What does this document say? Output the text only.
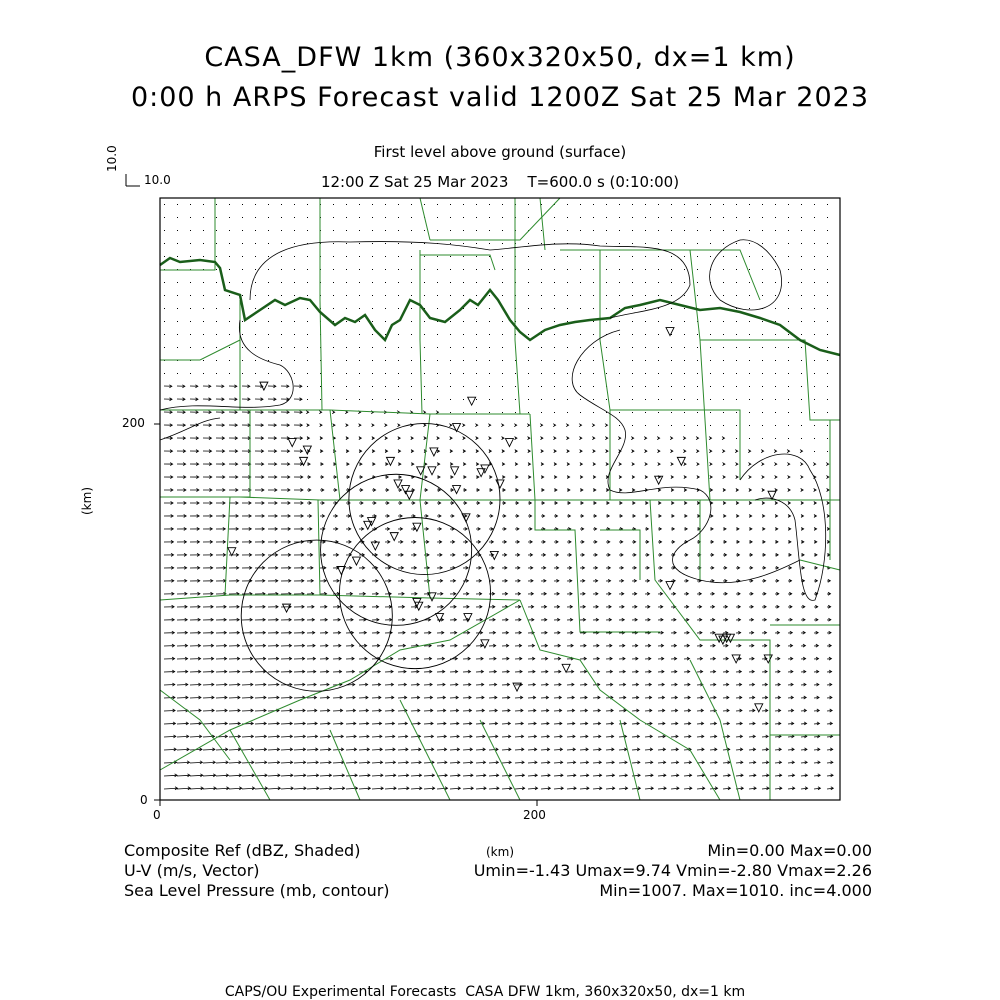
CASA_DFW 1km (360x320x50, dx=1 km)
0:00 h ARPS Forecast valid 1200Z Sat 25 Mar 2023
First level above ground (surface)
12:00 Z Sat 25 Mar 2023    T=600.0 s (0:10:00)
10.0
10.0
(km)
200
0
0	200
(km)
Composite Ref (dBZ, Shaded)
U-V (m/s, Vector)
Sea Level Pressure (mb, contour)
Min=0.00 Max=0.00
Umin=-1.43 Umax=9.74 Vmin=-2.80 Vmax=2.26
Min=1007. Max=1010. inc=4.000
CAPS/OU Experimental Forecasts  CASA DFW 1km, 360x320x50, dx=1 km
